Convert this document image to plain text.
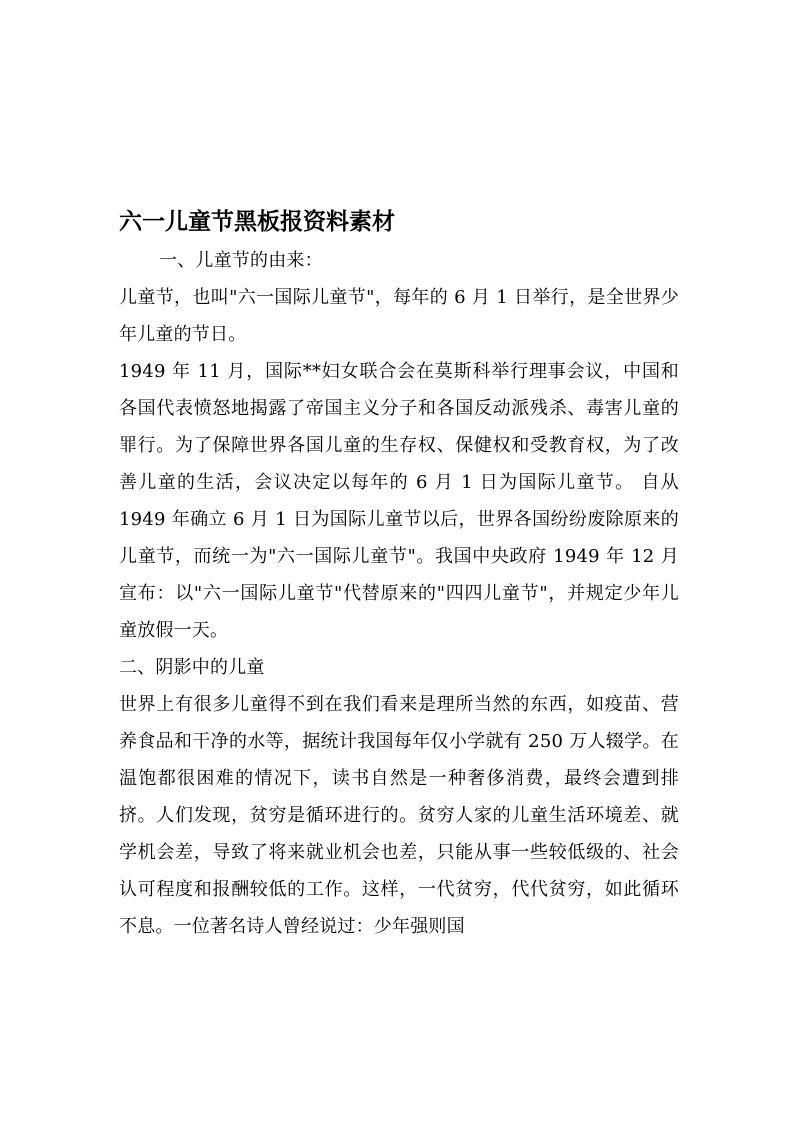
六一儿童节黑板报资料素材

一、儿童节的由来：

儿童节，也叫"六一国际儿童节"，每年的 6 月 1 日举行，是全世界少年儿童的节日。

1949 年 11 月，国际**妇女联合会在莫斯科举行理事会议，中国和各国代表愤怒地揭露了帝国主义分子和各国反动派残杀、毒害儿童的罪行。为了保障世界各国儿童的生存权、保健权和受教育权，为了改善儿童的生活，会议决定以每年的 6 月 1 日为国际儿童节。 自从 1949 年确立 6 月 1 日为国际儿童节以后，世界各国纷纷废除原来的儿童节，而统一为"六一国际儿童节"。我国中央政府 1949 年 12 月宣布：以"六一国际儿童节"代替原来的"四四儿童节"，并规定少年儿童放假一天。

二、阴影中的儿童

世界上有很多儿童得不到在我们看来是理所当然的东西，如疫苗、营养食品和干净的水等，据统计我国每年仅小学就有 250 万人辍学。在温饱都很困难的情况下，读书自然是一种奢侈消费，最终会遭到排挤。人们发现，贫穷是循环进行的。贫穷人家的儿童生活环境差、就学机会差，导致了将来就业机会也差，只能从事一些较低级的、社会认可程度和报酬较低的工作。这样，一代贫穷，代代贫穷，如此循环不息。一位著名诗人曾经说过：少年强则国
